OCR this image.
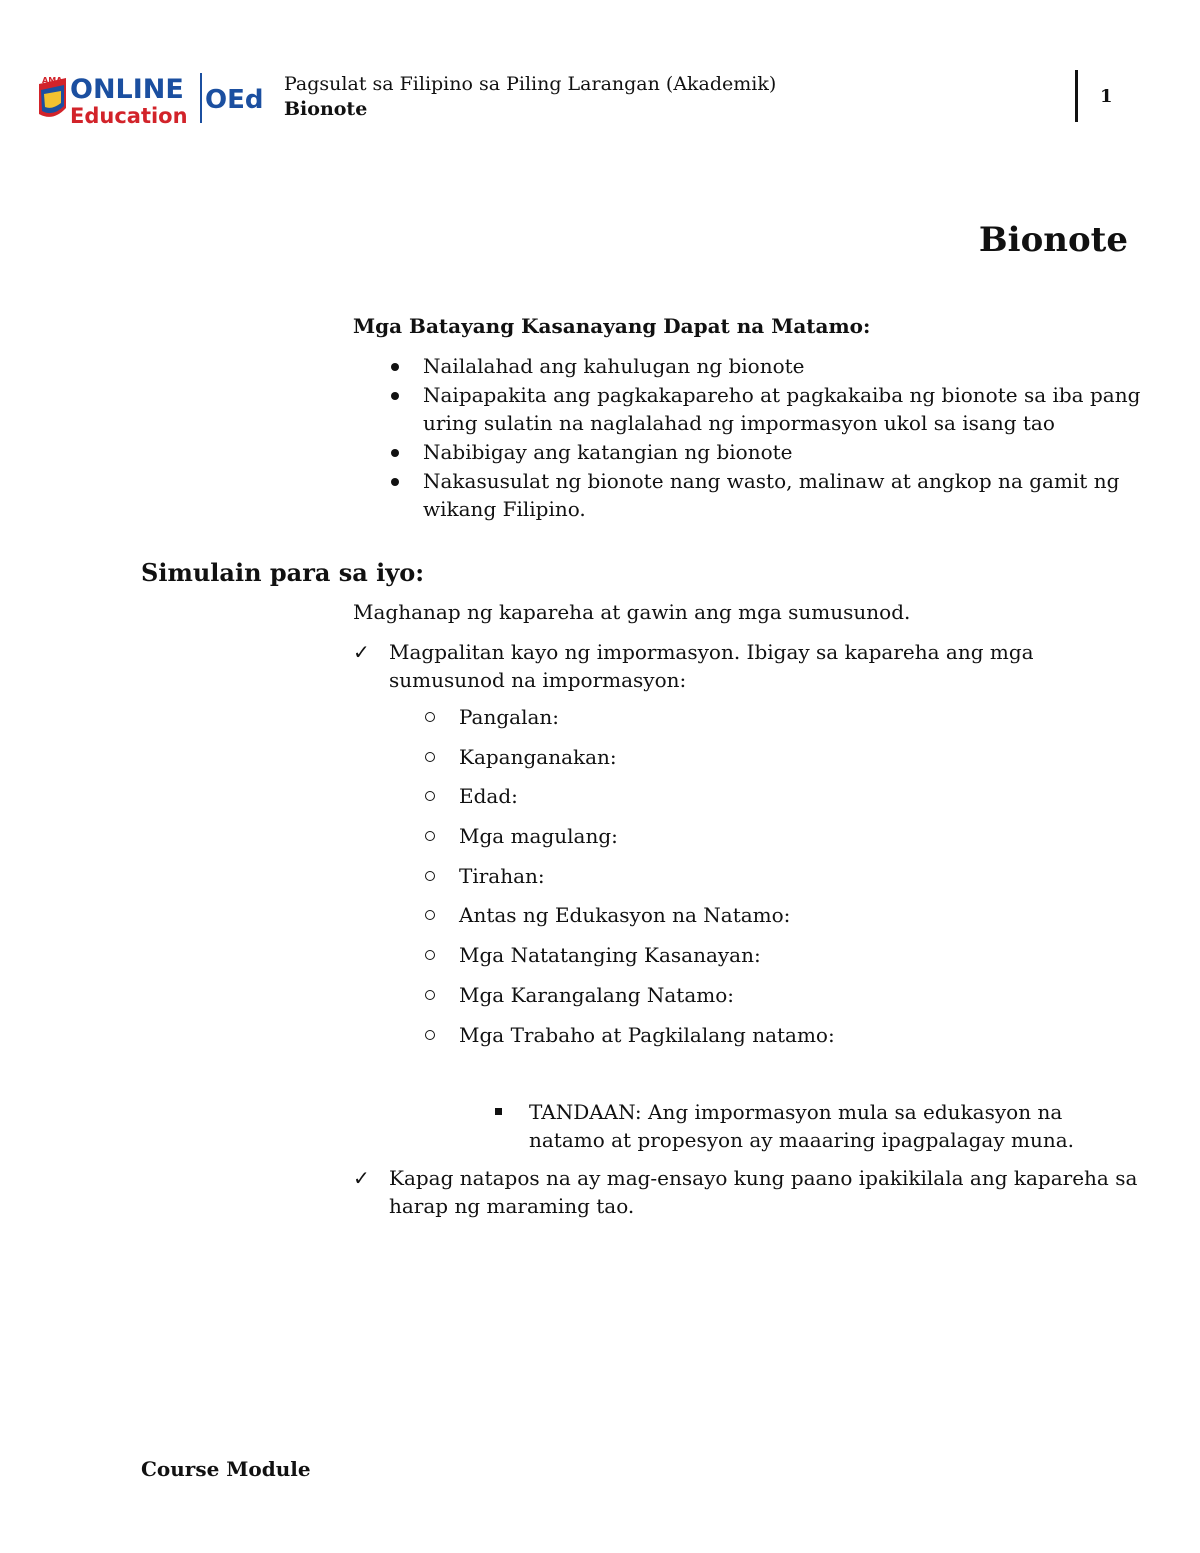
AMA ONLINE
Education
OEd
Pagsulat sa Filipino sa Piling Larangan (Akademik)
Bionote
1
Bionote
Mga Batayang Kasanayang Dapat na Matamo:
Nailalahad ang kahulugan ng bionote
Naipapakita ang pagkakapareho at pagkakaiba ng bionote sa iba pang uring sulatin na naglalahad ng impormasyon ukol sa isang tao
Nabibigay ang katangian ng bionote
Nakasusulat ng bionote nang wasto, malinaw at angkop na gamit ng wikang Filipino.
Simulain para sa iyo:
Maghanap ng kapareha at gawin ang mga sumusunod.
✓ Magpalitan kayo ng impormasyon. Ibigay sa kapareha ang mga sumusunod na impormasyon:
Pangalan:
Kapanganakan:
Edad:
Mga magulang:
Tirahan:
Antas ng Edukasyon na Natamo:
Mga Natatanging Kasanayan:
Mga Karangalang Natamo:
Mga Trabaho at Pagkilalang natamo:
TANDAAN: Ang impormasyon mula sa edukasyon na natamo at propesyon ay maaaring ipagpalagay muna.
✓ Kapag natapos na ay mag-ensayo kung paano ipakikilala ang kapareha sa harap ng maraming tao.
Course Module
